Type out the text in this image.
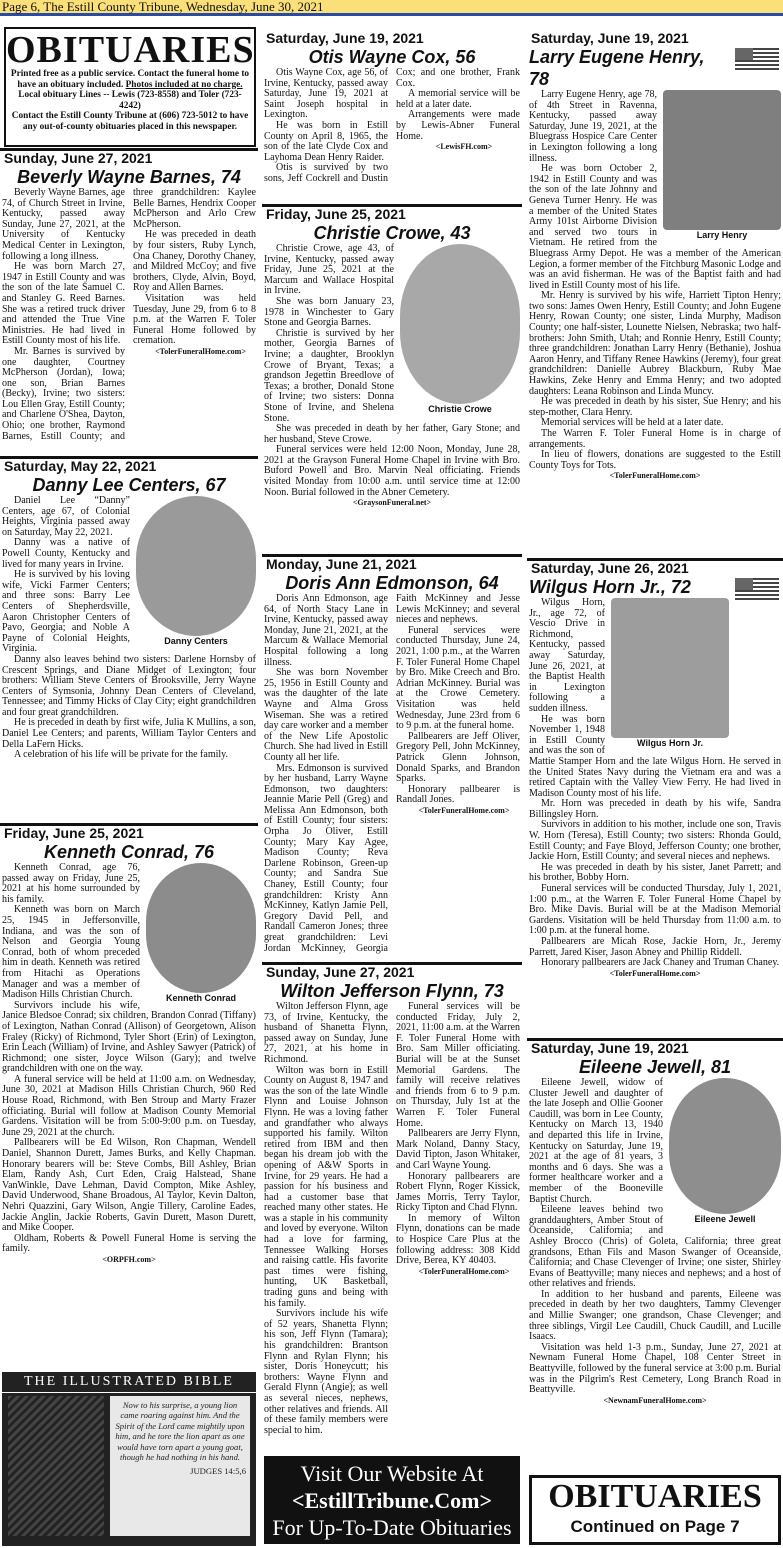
Page 6, The Estill County Tribune, Wednesday, June 30, 2021
OBITUARIES
Printed free as a public service. Contact the funeral home to have an obituary included. Photos included at no charge.
Local obituary Lines -- Lewis (723-8558) and Toler (723-4242)
Contact the Estill County Tribune at (606) 723-5012 to have any out-of-county obituaries placed in this newspaper.
Sunday, June 27, 2021
Beverly Wayne Barnes, 74

Beverly Wayne Barnes, age 74, of Church Street in Irvine, Kentucky, passed away Sunday, June 27, 2021, at the University of Kentucky Medical Center in Lexington, following a long illness.

He was born March 27, 1947 in Estill County and was the son of the late Samuel C. and Stanley G. Reed Barnes. She was a retired truck driver and attended the True Vine Ministries. He had lived in Estill County most of his life.

Mr. Barnes is survived by one daughter, Courtney McPherson (Jordan), Iowa; one son, Brian Barnes (Becky), Irvine; two sisters: Lou Ellen Gray, Estill County; and Charlene O'Shea, Dayton, Ohio; one brother, Raymond Barnes, Estill County; and three grandchildren: Kaylee Belle Barnes, Hendrix Cooper McPherson and Arlo Crew McPherson.

He was preceded in death by four sisters, Ruby Lynch, Ona Chaney, Dorothy Chaney, and Mildred McCoy; and five brothers, Clyde, Alvin, Boyd, Roy and Allen Barnes.

Visitation was held Tuesday, June 29, from 6 to 8 p.m. at the Warren F. Toler Funeral Home followed by cremation.

<TolerFuneralHome.com>

Saturday, May 22, 2021
Danny Lee Centers, 67
Danny Centers

Daniel Lee “Danny” Centers, age 67, of Colonial Heights, Virginia passed away on Saturday, May 22, 2021.

Danny was a native of Powell County, Kentucky and lived for many years in Irvine.

He is survived by his loving wife, Vicki Farmer Centers; and three sons: Barry Lee Centers of Shepherdsville, Aaron Christopher Centers of Pavo, Georgia; and Noble A Payne of Colonial Heights, Virginia.

Danny also leaves behind two sisters: Darlene Hornsby of Crescent Springs, and Diane Midget of Lexington; four brothers: William Steve Centers of Brooksville, Jerry Wayne Centers of Symsonia, Johnny Dean Centers of Cleveland, Tennessee; and Timmy Hicks of Clay City; eight grandchildren and four great grandchildren.

He is preceded in death by first wife, Julia K Mullins, a son, Daniel Lee Centers; and parents, William Taylor Centers and Della LaFern Hicks.

A celebration of his life will be private for the family.

Friday, June 25, 2021
Kenneth Conrad, 76
Kenneth Conrad

Kenneth Conrad, age 76, passed away on Friday, June 25, 2021 at his home surrounded by his family.

Kenneth was born on March 25, 1945 in Jeffersonville, Indiana, and was the son of Nelson and Georgia Young Conrad, both of whom preceded him in death. Kenneth was retired from Hitachi as Operations Manager and was a member of Madison Hills Christian Church.

Survivors include his wife, Janice Bledsoe Conrad; six children, Brandon Conrad (Tiffany) of Lexington, Nathan Conrad (Allison) of Georgetown, Alison Fraley (Ricky) of Richmond, Tyler Short (Erin) of Lexington, Erin Leach (William) of Irvine, and Ashley Sawyer (Patrick) of Richmond; one sister, Joyce Wilson (Gary); and twelve grandchildren with one on the way.

A funeral service will be held at 11:00 a.m. on Wednesday, June 30, 2021 at Madison Hills Christian Church, 960 Red House Road, Richmond, with Ben Stroup and Marty Frazer officiating. Burial will follow at Madison County Memorial Gardens. Visitation will be from 5:00-9:00 p.m. on Tuesday, June 29, 2021 at the church.

Pallbearers will be Ed Wilson, Ron Chapman, Wendell Daniel, Shannon Durett, James Burks, and Kelly Chapman. Honorary bearers will be: Steve Combs, Bill Ashley, Brian Elam, Randy Ash, Curt Eden, Craig Halstead, Shane VanWinkle, Dave Lehman, David Compton, Mike Ashley, David Underwood, Shane Broadous, Al Taylor, Kevin Dalton, Nehri Quazzini, Gary Wilson, Angie Tillery, Caroline Eades, Jackie Anglin, Jackie Roberts, Gavin Durett, Mason Durett, and Mike Cooper.

Oldham, Roberts & Powell Funeral Home is serving the family.

<ORPFH.com>

THE ILLUSTRATED BIBLE
Now to his surprise, a young lion came roaring against him. And the Spirit of the Lord came mightily upon him, and he tore the lion apart as one would have torn apart a young goat, though he had nothing in his hand.
JUDGES 14:5,6
Saturday, June 19, 2021
Otis Wayne Cox, 56

Otis Wayne Cox, age 56, of Irvine, Kentucky, passed away Saturday, June 19, 2021 at Saint Joseph hospital in Lexington.

He was born in Estill County on April 8, 1965, the son of the late Clyde Cox and Layhoma Dean Henry Raider.

Otis is survived by two sons, Jeff Cockrell and Dustin Cox; and one brother, Frank Cox.

A memorial service will be held at a later date.

Arrangements were made by Lewis-Abner Funeral Home.

<LewisFH.com>

Friday, June 25, 2021
Christie Crowe, 43
Christie Crowe

Christie Crowe, age 43, of Irvine, Kentucky, passed away Friday, June 25, 2021 at the Marcum and Wallace Hospital in Irvine.

She was born January 23, 1978 in Winchester to Gary Stone and Georgia Barnes.

Christie is survived by her mother, Georgia Barnes of Irvine; a daughter, Brooklyn Crowe of Bryant, Texas; a grandson Jegettin Breedlove of Texas; a brother, Donald Stone of Irvine; two sisters: Donna Stone of Irvine, and Shelena Stone.

She was preceded in death by her father, Gary Stone; and her husband, Steve Crowe.

Funeral services were held 12:00 Noon, Monday, June 28, 2021 at the Grayson Funeral Home Chapel in Irvine with Bro. Buford Powell and Bro. Marvin Neal officiating. Friends visited Monday from 10:00 a.m. until service time at 12:00 Noon. Burial followed in the Abner Cemetery.

<GraysonFuneral.net>

Monday, June 21, 2021
Doris Ann Edmonson, 64

Doris Ann Edmonson, age 64, of North Stacy Lane in Irvine, Kentucky, passed away Monday, June 21, 2021, at the Marcum & Wallace Memorial Hospital following a long illness.

She was born November 25, 1956 in Estill County and was the daughter of the late Wayne and Alma Gross Wiseman. She was a retired day care worker and a member of the New Life Apostolic Church. She had lived in Estill County all her life.

Mrs. Edmonson is survived by her husband, Larry Wayne Edmonson, two daughters: Jeannie Marie Pell (Greg) and Melissa Ann Edmonson, both of Estill County; four sisters: Orpha Jo Oliver, Estill County; Mary Kay Agee, Madison County; Reva Darlene Robinson, Green-up County; and Sandra Sue Chaney, Estill County; four grandchildren: Kristy Ann McKinney, Katlyn Jamie Pell, Gregory David Pell, and Randall Cameron Jones; three great grandchildren: Levi Jordan McKinney, Georgia Faith McKinney and Jesse Lewis McKinney; and several nieces and nephews.

Funeral services were conducted Thursday, June 24, 2021, 1:00 p.m., at the Warren F. Toler Funeral Home Chapel by Bro. Mike Creech and Bro. Adrian McKinney. Burial was at the Crowe Cemetery. Visitation was held Wednesday, June 23rd from 6 to 9 p.m. at the funeral home.

Pallbearers are Jeff Oliver, Gregory Pell, John McKinney, Patrick Glenn Johnson, Donald Sparks, and Brandon Sparks.

Honorary pallbearer is Randall Jones.

<TolerFuneralHome.com>

Sunday, June 27, 2021
Wilton Jefferson Flynn, 73

Wilton Jefferson Flynn, age 73, of Irvine, Kentucky, the husband of Shanetta Flynn, passed away on Sunday, June 27, 2021, at his home in Richmond.

Wilton was born in Estill County on August 8, 1947 and was the son of the late Windle Flynn and Louise Johnson Flynn. He was a loving father and grandfather who always supported his family. Wilton retired from IBM and then began his dream job with the opening of A&W Sports in Irvine, for 29 years. He had a passion for his business and had a customer base that reached many other states. He was a staple in his community and loved by everyone. Wilton had a love for farming, Tennessee Walking Horses and raising cattle. His favorite past times were fishing, hunting, UK Basketball, trading guns and being with his family.

Survivors include his wife of 52 years, Shanetta Flynn; his son, Jeff Flynn (Tamara); his grandchildren: Brantson Flynn and Rylan Flynn; his sister, Doris Honeycutt; his brothers: Wayne Flynn and Gerald Flynn (Angie); as well as several nieces, nephews, other relatives and friends. All of these family members were special to him.

Funeral services will be conducted Friday, July 2, 2021, 11:00 a.m. at the Warren F. Toler Funeral Home with Bro. Sam Miller officiating. Burial will be at the Sunset Memorial Gardens. The family will receive relatives and friends from 6 to 9 p.m. on Thursday, July 1st at the Warren F. Toler Funeral Home.

Pallbearers are Jerry Flynn, Mark Noland, Danny Stacy, David Tipton, Jason Whitaker, and Carl Wayne Young.

Honorary pallbearers are Robert Flynn, Roger Kissick, James Morris, Terry Taylor, Ricky Tipton and Chad Flynn.

In memory of Wilton Flynn, donations can be made to Hospice Care Plus at the following address: 308 Kidd Drive, Berea, KY 40403.

<TolerFuneralHome.com>

Visit Our Website At
<EstillTribune.Com>
For Up-To-Date Obituaries
Saturday, June 19, 2021
Larry Eugene Henry, 78
Larry Henry

Larry Eugene Henry, age 78, of 4th Street in Ravenna, Kentucky, passed away Saturday, June 19, 2021, at the Bluegrass Hospice Care Center in Lexington following a long illness.

He was born October 2, 1942 in Estill County and was the son of the late Johnny and Geneva Turner Henry. He was a member of the United States Army 101st Airborne Division and served two tours in Vietnam. He retired from the Bluegrass Army Depot. He was a member of the American Legion, a former member of the Fitchburg Masonic Lodge and was an avid fisherman. He was of the Baptist faith and had lived in Estill County most of his life.

Mr. Henry is survived by his wife, Harriett Tipton Henry; two sons: James Owen Henry, Estill County; and John Eugene Henry, Rowan County; one sister, Linda Murphy, Madison County; one half-sister, Lounette Nielsen, Nebraska; two half-brothers: John Smith, Utah; and Ronnie Henry, Estill County; three grandchildren: Jonathan Larry Henry (Bethanie), Joshua Aaron Henry, and Tiffany Renee Hawkins (Jeremy), four great grandchildren: Danielle Aubrey Blackburn, Ruby Mae Hawkins, Zeke Henry and Emma Henry; and two adopted daughters: Leana Robinson and Linda Muncy.

He was preceded in death by his sister, Sue Henry; and his step-mother, Clara Henry.

Memorial services will be held at a later date.

The Warren F. Toler Funeral Home is in charge of arrangements.

In lieu of flowers, donations are suggested to the Estill County Toys for Tots.

<TolerFuneralHome.com>

Saturday, June 26, 2021
Wilgus Horn Jr., 72
Wilgus Horn Jr.

Wilgus Horn, Jr., age 72, of Vescio Drive in Richmond, Kentucky, passed away Saturday, June 26, 2021, at the Baptist Health in Lexington following a sudden illness.

He was born November 1, 1948 in Estill County and was the son of Mattie Stamper Horn and the late Wilgus Horn. He served in the United States Navy during the Vietnam era and was a retired Captain with the Valley View Ferry. He had lived in Madison County most of his life.

Mr. Horn was preceded in death by his wife, Sandra Billingsley Horn.

Survivors in addition to his mother, include one son, Travis W. Horn (Teresa), Estill County; two sisters: Rhonda Gould, Estill County; and Faye Bloyd, Jefferson County; one brother, Jackie Horn, Estill County; and several nieces and nephews.

He was preceded in death by his sister, Janet Parrett; and his brother, Bobby Horn.

Funeral services will be conducted Thursday, July 1, 2021, 1:00 p.m., at the Warren F. Toler Funeral Home Chapel by Bro. Mike Davis. Burial will be at the Madison Memorial Gardens. Visitation will be held Thursday from 11:00 a.m. to 1:00 p.m. at the funeral home.

Pallbearers are Micah Rose, Jackie Horn, Jr., Jeremy Parrett, Jared Kiser, Jason Abney and Phillip Riddell.

Honorary pallbearers are Jack Chaney and Truman Chaney.

<TolerFuneralHome.com>

Saturday, June 19, 2021
Eileene Jewell, 81
Eileene Jewell

Eileene Jewell, widow of Cluster Jewell and daughter of the late Joseph and Ollie Gooner Caudill, was born in Lee County, Kentucky on March 13, 1940 and departed this life in Irvine, Kentucky on Saturday, June 19, 2021 at the age of 81 years, 3 months and 6 days. She was a former healthcare worker and a member of the Booneville Baptist Church.

Eileene leaves behind two granddaughters, Amber Stout of Oceanside, California; and Ashley Brocco (Chris) of Goleta, California; three great grandsons, Ethan Fils and Mason Swanger of Oceanside, California; and Chase Clevenger of Irvine; one sister, Shirley Evans of Beattyville; many nieces and nephews; and a host of other relatives and friends.

In addition to her husband and parents, Eileene was preceded in death by her two daughters, Tammy Clevenger and Millie Swanger; one grandson, Chase Clevenger; and three siblings, Virgil Lee Caudill, Chuck Caudill, and Lucille Isaacs.

Visitation was held 1-3 p.m., Sunday, June 27, 2021 at Newnam Funeral Home Chapel, 108 Center Street in Beattyville, followed by the funeral service at 3:00 p.m. Burial was in the Pilgrim's Rest Cemetery, Long Branch Road in Beattyville.

<NewnamFuneralHome.com>

OBITUARIES
Continued on Page 7
